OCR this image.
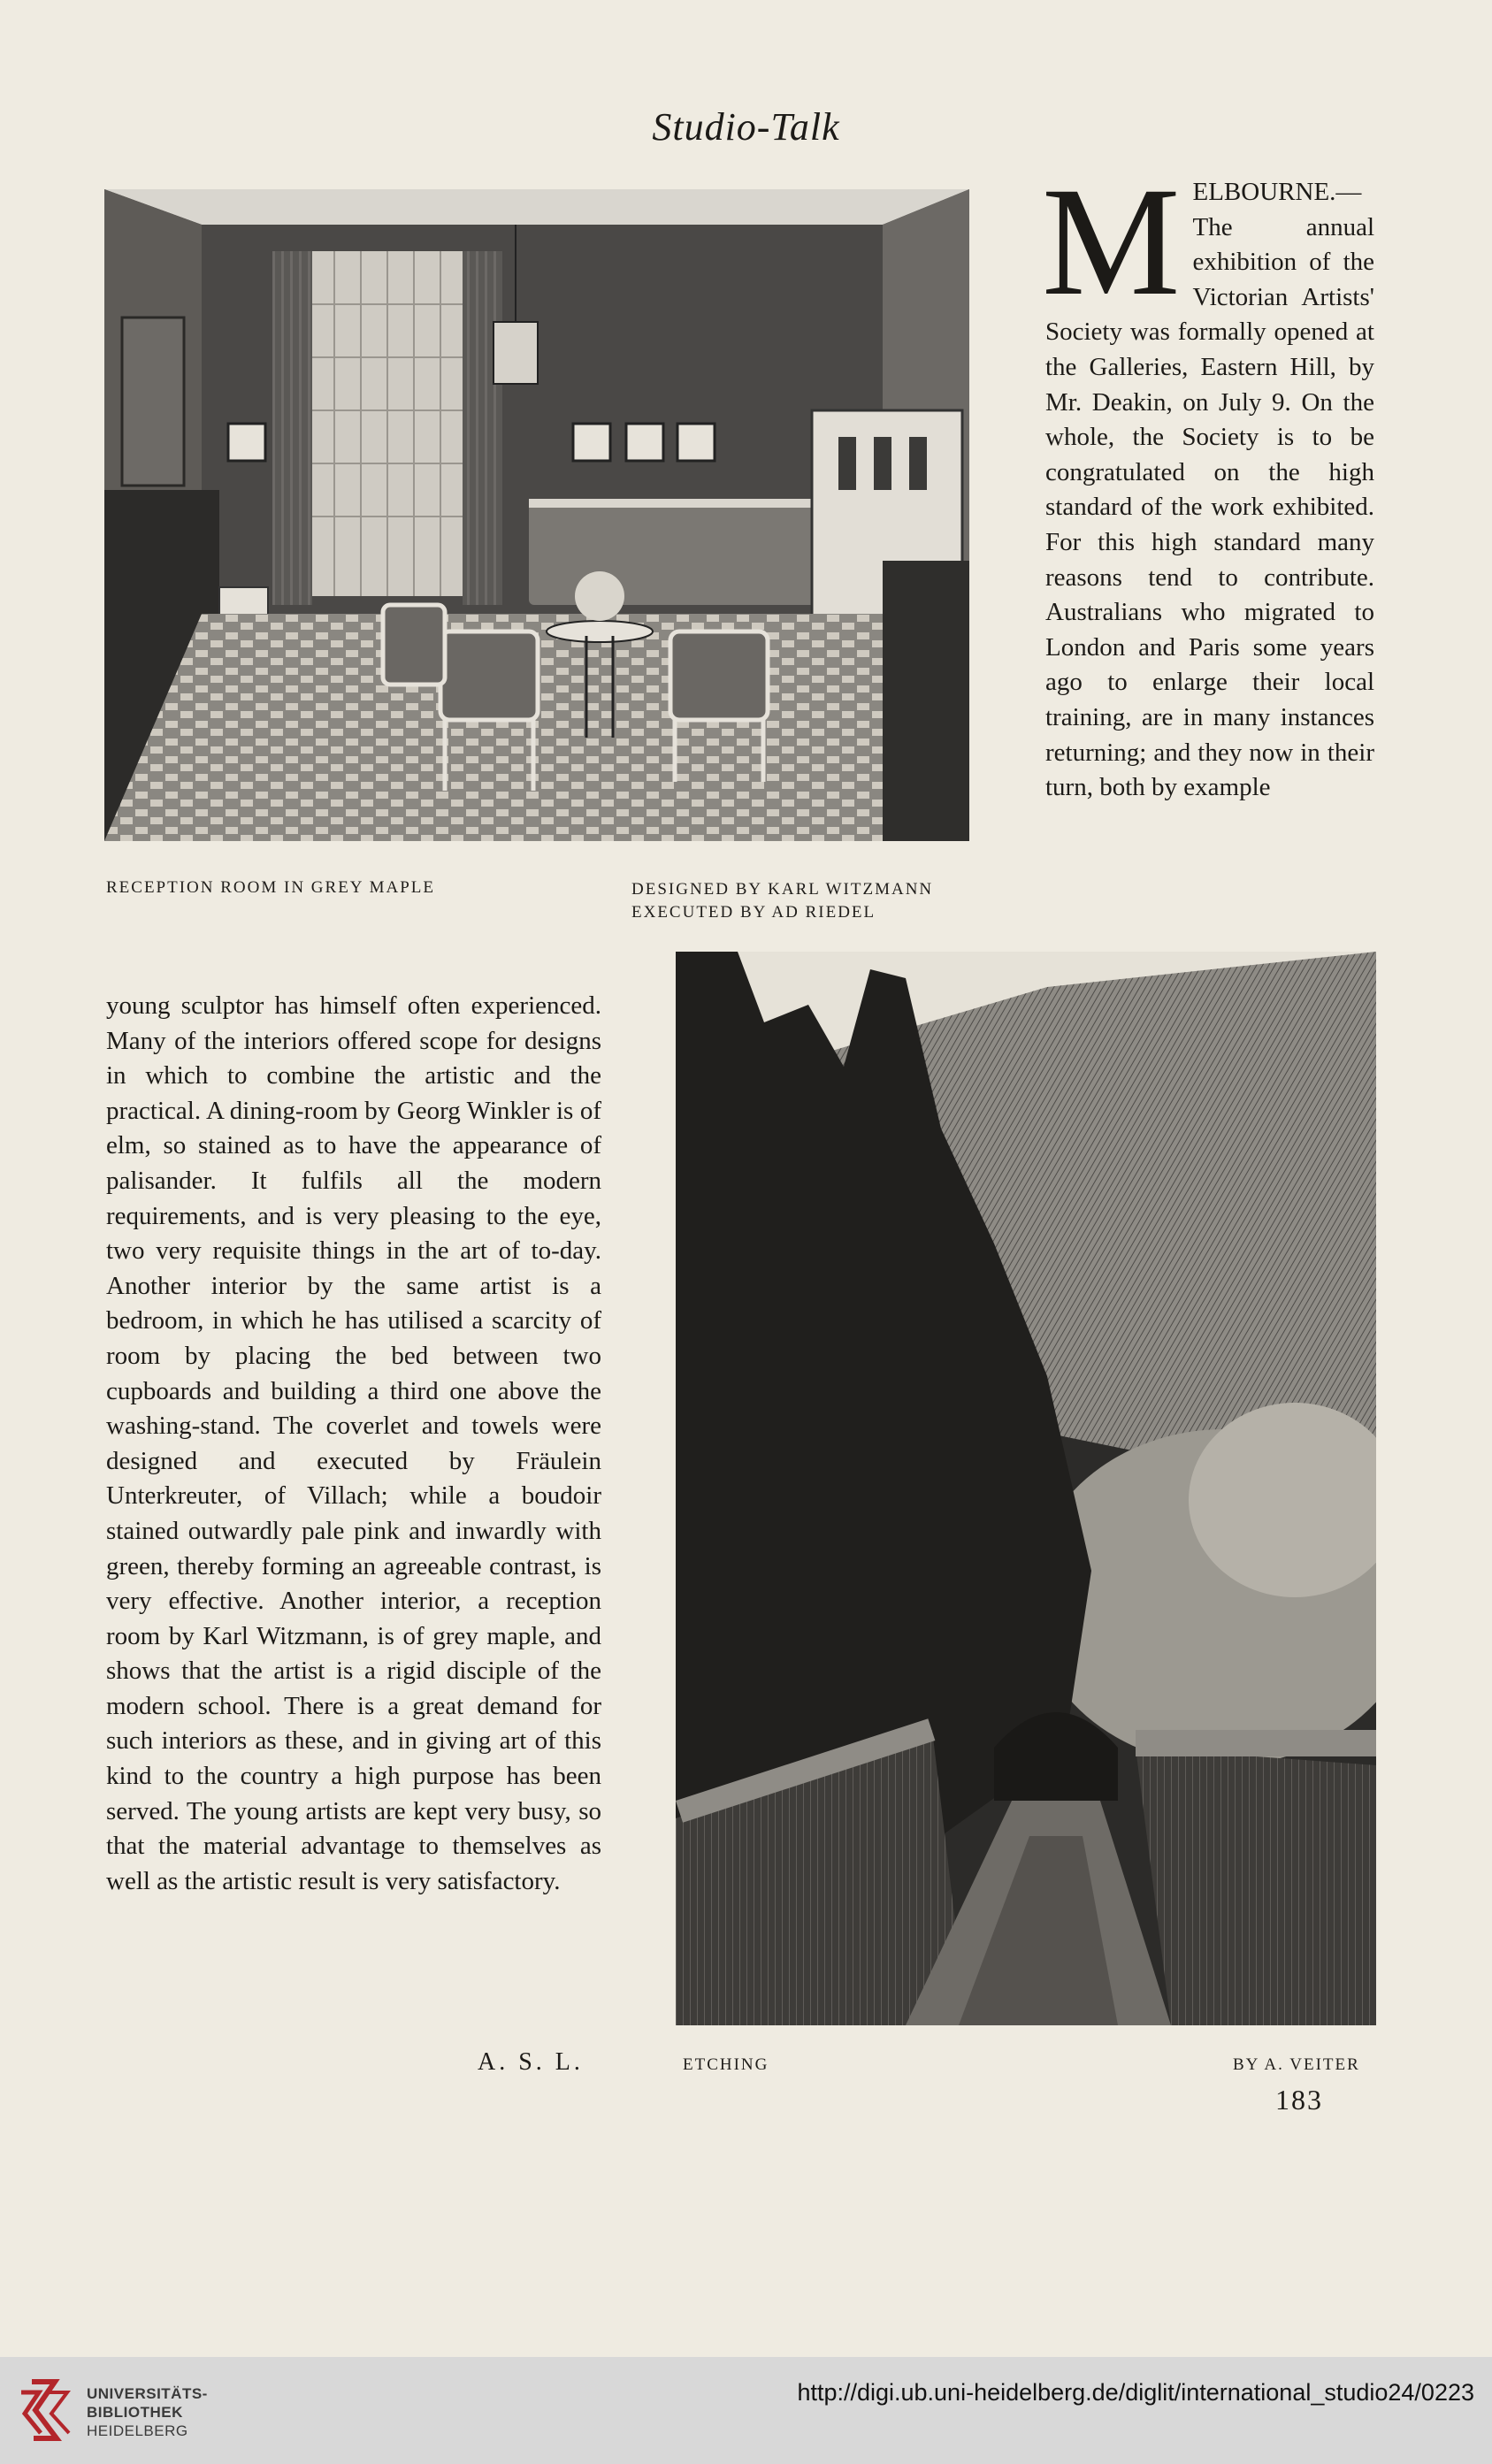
Studio-Talk
RECEPTION ROOM IN GREY MAPLE	DESIGNED BY KARL WITZMANN
EXECUTED BY AD RIEDEL
M ELBOURNE.—The annual exhibition of the Victorian Artists' Society was formally opened at the Galleries, Eastern Hill, by Mr. Deakin, on July 9. On the whole, the Society is to be congratulated on the high standard of the work exhibited. For this high standard many reasons tend to contribute. Australians who migrated to London and Paris some years ago to enlarge their local training, are in many instances returning; and they now in their turn, both by example

young sculptor has himself often experienced. Many of the interiors offered scope for designs in which to combine the artistic and the practical. A dining-room by Georg Winkler is of elm, so stained as to have the appearance of palisander. It fulfils all the modern requirements, and is very pleasing to the eye, two very requisite things in the art of to-day. Another interior by the same artist is a bedroom, in which he has utilised a scarcity of room by placing the bed between two cupboards and building a third one above the washing-stand. The coverlet and towels were designed and executed by Fräulein Unterkreuter, of Villach; while a boudoir stained outwardly pale pink and inwardly with green, thereby forming an agreeable contrast, is very effective. Another interior, a reception room by Karl Witzmann, is of grey maple, and shows that the artist is a rigid disciple of the modern school. There is a great demand for such interiors as these, and in giving art of this kind to the country a high purpose has been served. The young artists are kept very busy, so that the material advantage to themselves as well as the artistic result is very satisfactory.

A. S. L.	ETCHING	BY A. VEITER
183
UNIVERSITÄTS-
BIBLIOTHEK
HEIDELBERG
http://digi.ub.uni-heidelberg.de/diglit/international_studio24/0223
